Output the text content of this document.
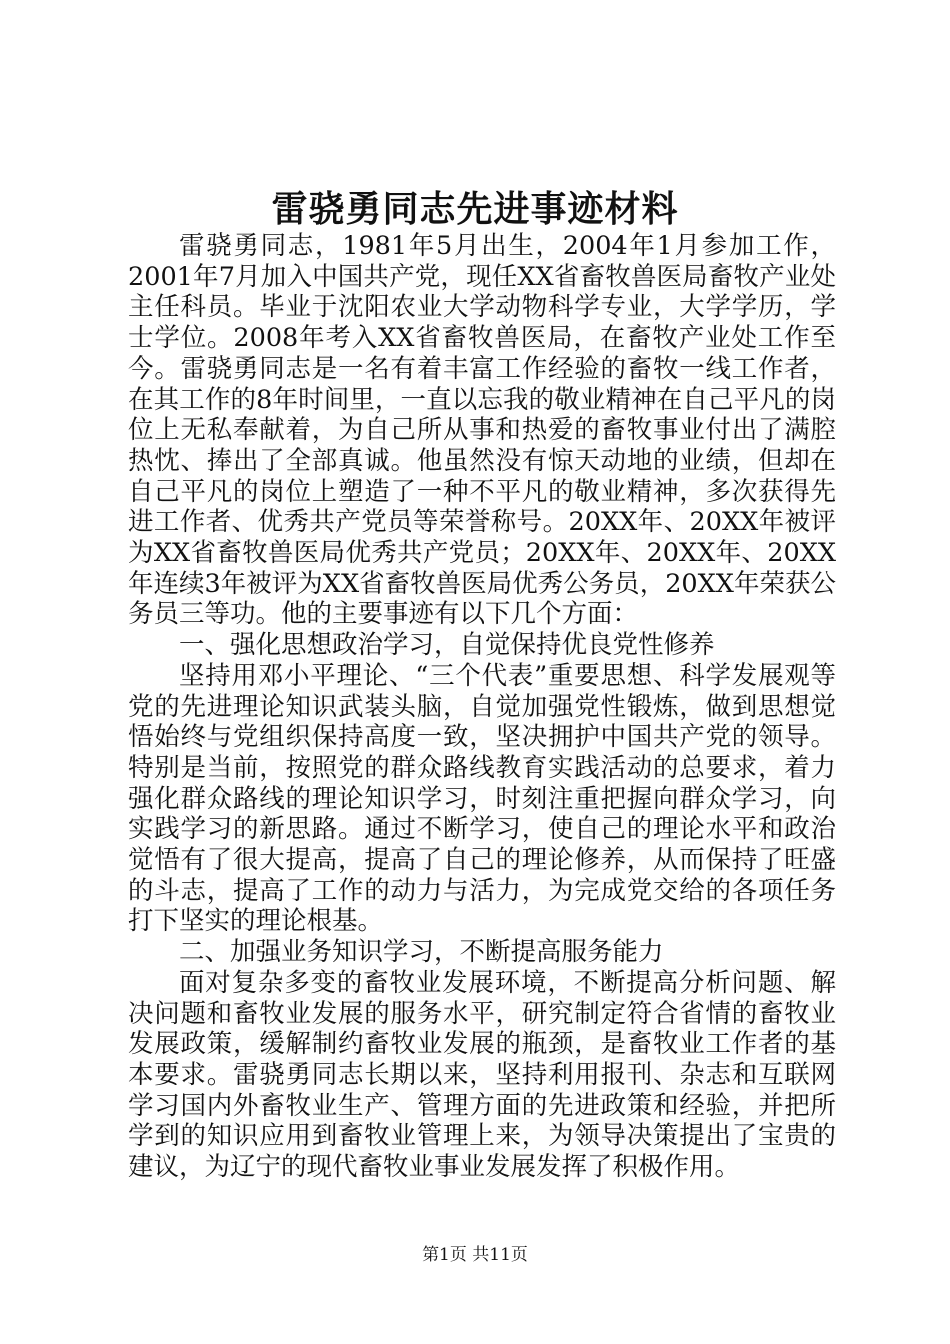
雷骁勇同志先进事迹材料

雷骁勇同志，1981年5月出生，2004年1月参加工作，2001年7月加入中国共产党，现任XX省畜牧兽医局畜牧产业处主任科员。毕业于沈阳农业大学动物科学专业，大学学历，学士学位。2008年考入XX省畜牧兽医局，在畜牧产业处工作至今。雷骁勇同志是一名有着丰富工作经验的畜牧一线工作者，在其工作的8年时间里，一直以忘我的敬业精神在自己平凡的岗位上无私奉献着，为自己所从事和热爱的畜牧事业付出了满腔热忱、捧出了全部真诚。他虽然没有惊天动地的业绩，但却在自己平凡的岗位上塑造了一种不平凡的敬业精神，多次获得先进工作者、优秀共产党员等荣誉称号。20XX年、20XX年被评为XX省畜牧兽医局优秀共产党员；20XX年、20XX年、20XX年连续3年被评为XX省畜牧兽医局优秀公务员，20XX年荣获公务员三等功。他的主要事迹有以下几个方面：

一、强化思想政治学习，自觉保持优良党性修养

坚持用邓小平理论、“三个代表”重要思想、科学发展观等党的先进理论知识武装头脑，自觉加强党性锻炼，做到思想觉悟始终与党组织保持高度一致，坚决拥护中国共产党的领导。特别是当前，按照党的群众路线教育实践活动的总要求，着力强化群众路线的理论知识学习，时刻注重把握向群众学习，向实践学习的新思路。通过不断学习，使自己的理论水平和政治觉悟有了很大提高，提高了自己的理论修养，从而保持了旺盛的斗志，提高了工作的动力与活力，为完成党交给的各项任务打下坚实的理论根基。

二、加强业务知识学习，不断提高服务能力

面对复杂多变的畜牧业发展环境，不断提高分析问题、解决问题和畜牧业发展的服务水平，研究制定符合省情的畜牧业发展政策，缓解制约畜牧业发展的瓶颈，是畜牧业工作者的基本要求。雷骁勇同志长期以来，坚持利用报刊、杂志和互联网学习国内外畜牧业生产、管理方面的先进政策和经验，并把所学到的知识应用到畜牧业管理上来，为领导决策提出了宝贵的建议，为辽宁的现代畜牧业事业发展发挥了积极作用。

第1页 共11页
